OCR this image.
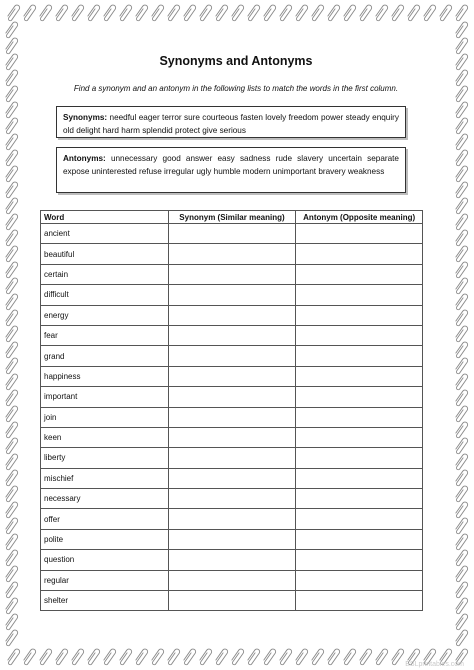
Synonyms and Antonyms
Find a synonym and an antonym in the following lists to match the words in the first column.
Synonyms: needful eager terror sure courteous fasten lovely freedom power steady enquiry old delight hard harm splendid protect give serious
Antonyms: unnecessary good answer easy sadness rude slavery uncertain separate expose uninterested refuse irregular ugly humble modern unimportant bravery weakness
Word	Synonym (Similar meaning)	Antonym (Opposite meaning)
ancient		
beautiful		
certain		
difficult		
energy		
fear		
grand		
happiness		
important		
join		
keen		
liberty		
mischief		
necessary		
offer		
polite		
question		
regular		
shelter		
ESLprintables.com
